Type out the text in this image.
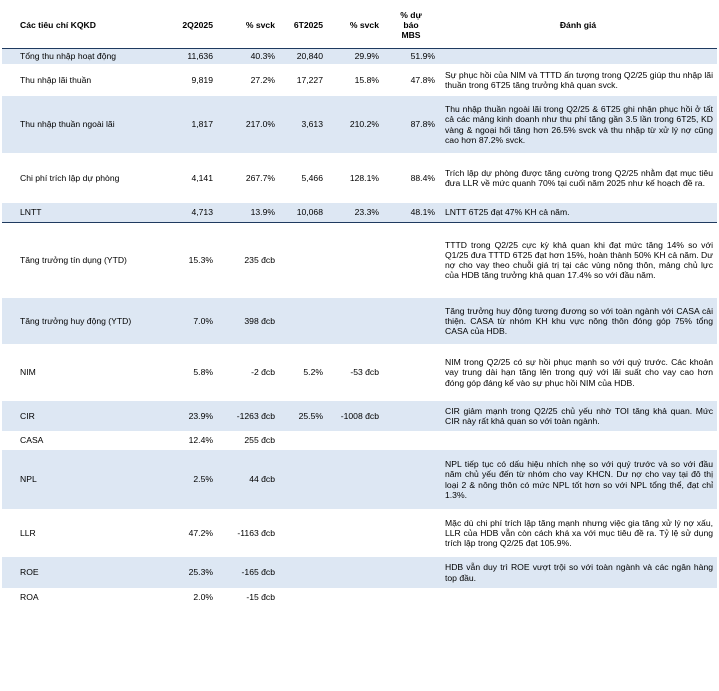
Các tiêu chí KQKD	2Q2025	% svck	6T2025	% svck	% dự
báo
MBS	Đánh giá
Tổng thu nhập hoạt động	11,636	40.3%	20,840	29.9%	51.9%	
Thu nhập lãi thuần	9,819	27.2%	17,227	15.8%	47.8%	Sự phục hồi của NIM và TTTD ấn tượng trong Q2/25 giúp thu nhập lãi thuần trong 6T25 tăng trưởng khả quan svck.
Thu nhập thuần ngoài lãi	1,817	217.0%	3,613	210.2%	87.8%	Thu nhập thuần ngoài lãi trong Q2/25 & 6T25 ghi nhận phục hồi ở tất cả các mảng kinh doanh như thu phí tăng gần 3.5 lần trong 6T25, KD vàng & ngoại hối tăng hơn 26.5% svck và thu nhập từ xử lý nợ cũng cao hơn 87.2% svck.
Chi phí trích lập dự phòng	4,141	267.7%	5,466	128.1%	88.4%	Trích lập dự phòng được tăng cường trong Q2/25 nhằm đạt mục tiêu đưa LLR về mức quanh 70% tại cuối năm 2025 như kế hoạch đề ra.
LNTT	4,713	13.9%	10,068	23.3%	48.1%	LNTT 6T25 đạt 47% KH cả năm.
Tăng trưởng tín dụng (YTD)	15.3%	235 đcb				TTTD trong Q2/25 cực kỳ khả quan khi đạt mức tăng 14% so với Q1/25 đưa TTTD 6T25 đạt hơn 15%, hoàn thành 50% KH cả năm. Dư nợ cho vay theo chuỗi giá trị tại các vùng nông thôn, mảng chủ lực của HDB tăng trưởng khả quan 17.4% so với đầu năm.
Tăng trưởng huy động (YTD)	7.0%	398 đcb				Tăng trưởng huy động tương đương so với toàn ngành với CASA cải thiện. CASA từ nhóm KH khu vực nông thôn đóng góp 75% tổng CASA của HDB.
NIM	5.8%	-2 đcb	5.2%	-53 đcb		NIM trong Q2/25 có sự hồi phục mạnh so với quý trước. Các khoản vay trung dài hạn tăng lên trong quý với lãi suất cho vay cao hơn đóng góp đáng kể vào sự phục hồi NIM của HDB.
CIR	23.9%	-1263 đcb	25.5%	-1008 đcb		CIR giảm mạnh trong Q2/25 chủ yếu nhờ TOI tăng khả quan. Mức CIR này rất khả quan so với toàn ngành.
CASA	12.4%	255 đcb				
NPL	2.5%	44 đcb				NPL tiếp tục có dấu hiệu nhích nhẹ so với quý trước và so với đầu năm chủ yếu đến từ nhóm cho vay KHCN. Dư nợ cho vay tại đô thị loại 2 & nông thôn có mức NPL tốt hơn so với NPL tổng thể, đạt chỉ 1.3%.
LLR	47.2%	-1163 đcb				Mặc dù chi phí trích lập tăng mạnh nhưng việc gia tăng xử lý nợ xấu, LLR của HDB vẫn còn cách khá xa với mục tiêu đề ra. Tỷ lệ sử dụng trích lập trong Q2/25 đạt 105.9%.
ROE	25.3%	-165 đcb				HDB vẫn duy trì ROE vượt trội so với toàn ngành và các ngân hàng top đầu.
ROA	2.0%	-15 đcb				
